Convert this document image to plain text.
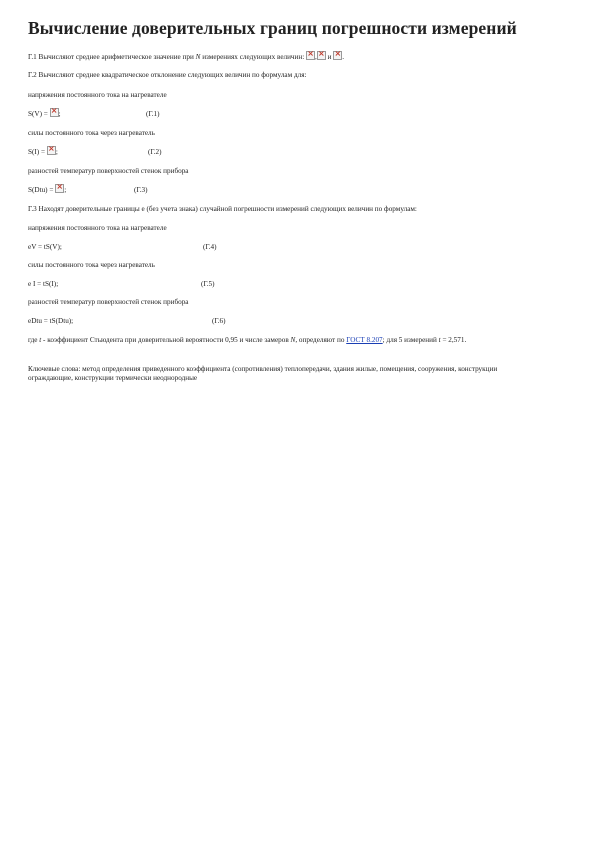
Вычисление доверительных границ погрешности измерений

Г.1 Вычисляют среднее арифметическое значение при N измерениях следующих величин: × ×	и ×.

Г.2 Вычисляют среднее квадратическое отклонение следующих величин по формулам для:

напряжения постоянного тока на нагревателе

S(V) = ×;	(Г.1)

силы постоянного тока через нагреватель

S(I) = ×;	(Г.2)

разностей температур поверхностей стенок прибора

S(Dtu) = ×;	(Г.3)

Г.3 Находят доверительные границы e (без учета знака) случайной погрешности измерений следующих величин по формулам:

напряжения постоянного тока на нагревателе

eV = tS(V);	(Г.4)

силы постоянного тока через нагреватель

e I = tS(I);	(Г.5)

разностей температур поверхностей стенок прибора

eDtu = tS(Dtu);	(Г.6)

где t - коэффициент Стьюдента при доверительной вероятности 0,95 и числе замеров N, определяют по ГОСТ 8.207; для 5 измерений t = 2,571.

Ключевые слова: метод определения приведенного коэффициента (сопротивления) теплопередачи, здания жилые, помещения, сооружения, конструкции ограждающие, конструкции термически неоднородные
